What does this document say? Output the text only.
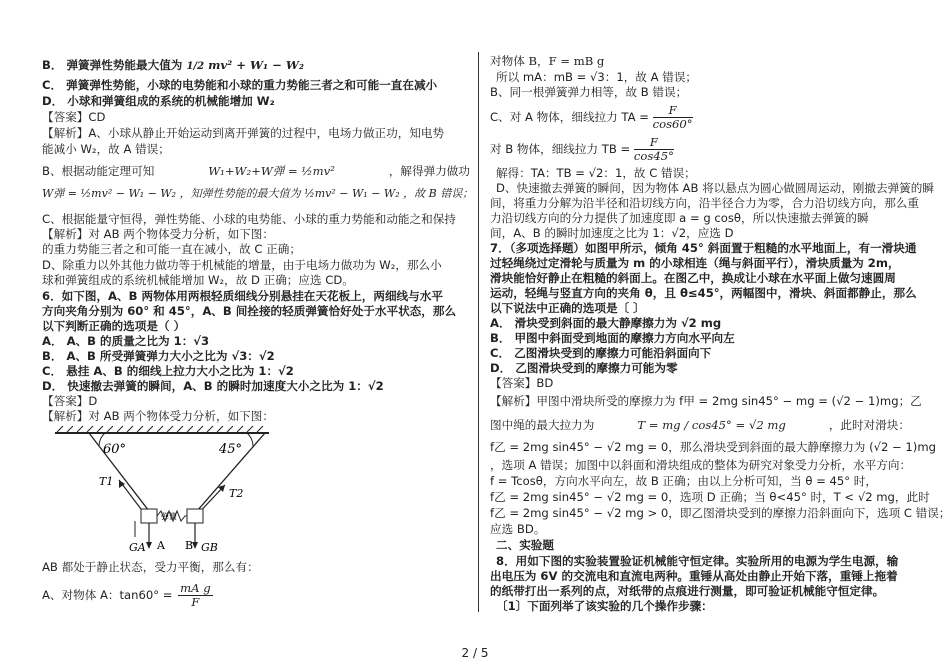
B． 弹簧弹性势能最大值为 1/2 mv² + W₁ − W₂
C． 弹簧弹性势能，小球的电势能和小球的重力势能三者之和可能一直在减小
D． 小球和弹簧组成的系统的机械能增加 W₂
【答案】CD
【解析】A、小球从静止开始运动到离开弹簧的过程中，电场力做正功，知电势
能减小 W₂，故 A 错误；
B、根据动能定理可知	W₁+W₂+W弹 = ½mv²	，解得弹力做功
W弹 = ½mv² − W₁ − W₂ ，知弹性势能的最大值为 ½mv² − W₁ − W₂ ，故 B 错误；
C、根据能量守恒得，弹性势能、小球的电势能、小球的重力势能和动能之和保持
【解析】对 AB 两个物体受力分析，如下图：
的重力势能三者之和可能一直在减小，故 C 正确；
D、除重力以外其他力做功等于机械能的增量，由于电场力做功为 W₂，那么小
球和弹簧组成的系统机械能增加 W₂，故 D 正确；应选 CD。
6．如下图，A、B 两物体用两根轻质细线分别悬挂在天花板上，两细线与水平
方向夹角分别为 60° 和 45°，A、B 间拴接的轻质弹簧恰好处于水平状态，那么
以下判断正确的选项是（ ）
A． A、B 的质量之比为 1：√3
B． A、B 所受弹簧弹力大小之比为 √3：√2
C． 悬挂 A、B 的细线上拉力大小之比为 1：√2
D． 快速撤去弹簧的瞬间，A、B 的瞬时加速度大小之比为 1：√2
【答案】D
【解析】对 AB 两个物体受力分析，如下图：
60°	45°
T1
T2
弹簧
GA A B GB
AB 都处于静止状态，受力平衡，那么有：
A、对物体 A：$\tan 60^\circ = \frac{\text{mA g}}{F}$
对物体 B，F = mB g
所以 mA：mB = √3：1，故 A 错误；
B、同一根弹簧弹力相等，故 B 错误；
C、对 A 物体，细线拉力 TA = $\frac{F}{\cos 60^\circ}$
对 B 物体，细线拉力 TB = $\frac{F}{\cos 45^\circ}$
解得：TA：TB = √2：1，故 C 错误；
D、快速撤去弹簧的瞬间，因为物体 AB 将以悬点为圆心做圆周运动，刚撤去弹簧的瞬
间，将重力分解为沿半径和沿切线方向，沿半径合力为零，合力沿切线方向，那么重
力沿切线方向的分力提供了加速度即 a = g cosθ，所以快速撤去弹簧的瞬
间，A、B 的瞬时加速度之比为 1：√2，应选 D
7．（多项选择题）如图甲所示，倾角 45° 斜面置于粗糙的水平地面上，有一滑块通
过轻绳绕过定滑轮与质量为 m 的小球相连（绳与斜面平行），滑块质量为 2m，
滑块能恰好静止在粗糙的斜面上。在图乙中，换成让小球在水平面上做匀速圆周
运动，轻绳与竖直方向的夹角 θ，且 θ≤45°，两幅图中，滑块、斜面都静止，那么
以下说法中正确的选项是〔 〕
A． 滑块受到斜面的最大静摩擦力为 √2 mg
B． 甲图中斜面受到地面的摩擦力方向水平向左
C． 乙图滑块受到的摩擦力可能沿斜面向下
D． 乙图滑块受到的摩擦力可能为零
【答案】BD
【解析】甲图中滑块所受的摩擦力为 f甲 = 2mg sin45° − mg = (√2 − 1)mg；乙
图中绳的最大拉力为	T = mg / cos45° = √2 mg	，此时对滑块：
f乙 = 2mg sin45° − √2 mg = 0，那么滑块受到斜面的最大静摩擦力为 (√2 − 1)mg
，选项 A 错误；加图中以斜面和滑块组成的整体为研究对象受力分析，水平方向：
f = Tcosθ，方向水平向左，故 B 正确；由以上分析可知，当 θ = 45° 时，
f乙 = 2mg sin45° − √2 mg = 0，选项 D 正确；当 θ<45° 时，T < √2 mg，此时
f乙 = 2mg sin45° − √2 mg > 0，即乙图滑块受到的摩擦力沿斜面向下，选项 C 错误；
应选 BD。
二、实验题
8．用如下图的实验装置验证机械能守恒定律。实验所用的电源为学生电源，输
出电压为 6V 的交流电和直流电两种。重锤从高处由静止开始下落，重锤上拖着
的纸带打出一系列的点，对纸带的点痕进行测量，即可验证机械能守恒定律。
〔1〕下面列举了该实验的几个操作步骤：
2 / 5
